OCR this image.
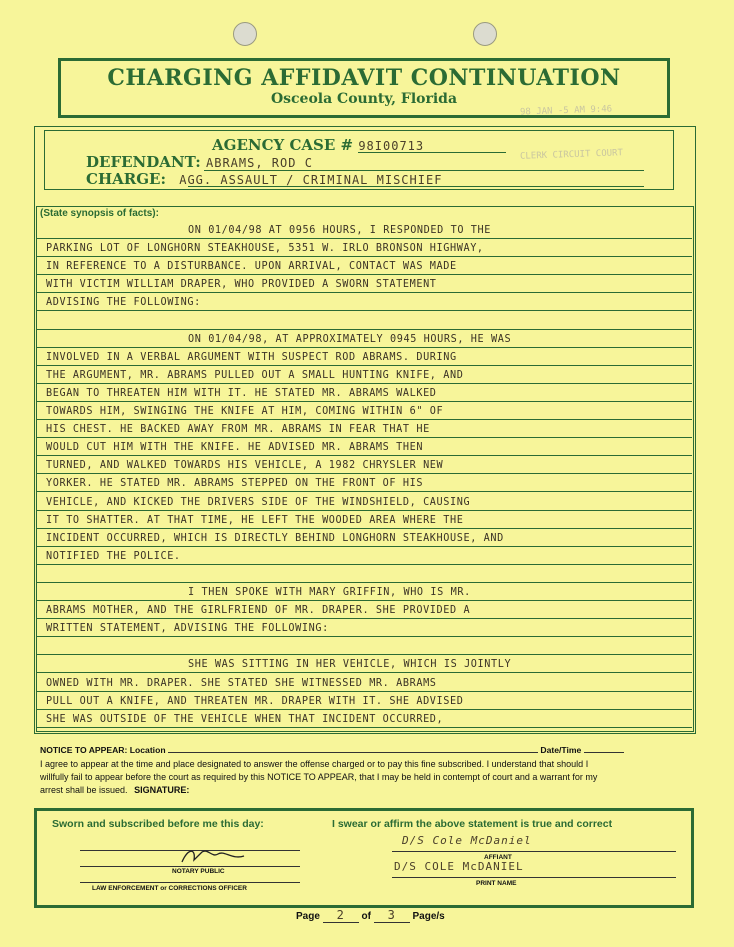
CHARGING AFFIDAVIT CONTINUATION
Osceola County, Florida
98 JAN -5 AM 9:46
CLERK CIRCUIT COURT
AGENCY CASE # 98I00713
DEFENDANT: ABRAMS, ROD C
CHARGE: AGG. ASSAULT / CRIMINAL MISCHIEF
(State synopsis of facts):
ON 01/04/98 AT 0956 HOURS, I RESPONDED TO THE
PARKING LOT OF LONGHORN STEAKHOUSE, 5351 W. IRLO BRONSON HIGHWAY,
IN REFERENCE TO A DISTURBANCE. UPON ARRIVAL, CONTACT WAS MADE
WITH VICTIM WILLIAM DRAPER, WHO PROVIDED A SWORN STATEMENT
ADVISING THE FOLLOWING:
ON 01/04/98, AT APPROXIMATELY 0945 HOURS, HE WAS
INVOLVED IN A VERBAL ARGUMENT WITH SUSPECT ROD ABRAMS. DURING
THE ARGUMENT, MR. ABRAMS PULLED OUT A SMALL HUNTING KNIFE, AND
BEGAN TO THREATEN HIM WITH IT. HE STATED MR. ABRAMS WALKED
TOWARDS HIM, SWINGING THE KNIFE AT HIM, COMING WITHIN 6" OF
HIS CHEST. HE BACKED AWAY FROM MR. ABRAMS IN FEAR THAT HE
WOULD CUT HIM WITH THE KNIFE. HE ADVISED MR. ABRAMS THEN
TURNED, AND WALKED TOWARDS HIS VEHICLE, A 1982 CHRYSLER NEW
YORKER. HE STATED MR. ABRAMS STEPPED ON THE FRONT OF HIS
VEHICLE, AND KICKED THE DRIVERS SIDE OF THE WINDSHIELD, CAUSING
IT TO SHATTER. AT THAT TIME, HE LEFT THE WOODED AREA WHERE THE
INCIDENT OCCURRED, WHICH IS DIRECTLY BEHIND LONGHORN STEAKHOUSE, AND
NOTIFIED THE POLICE.
I THEN SPOKE WITH MARY GRIFFIN, WHO IS MR.
ABRAMS MOTHER, AND THE GIRLFRIEND OF MR. DRAPER. SHE PROVIDED A
WRITTEN STATEMENT, ADVISING THE FOLLOWING:
SHE WAS SITTING IN HER VEHICLE, WHICH IS JOINTLY
OWNED WITH MR. DRAPER. SHE STATED SHE WITNESSED MR. ABRAMS
PULL OUT A KNIFE, AND THREATEN MR. DRAPER WITH IT. SHE ADVISED
SHE WAS OUTSIDE OF THE VEHICLE WHEN THAT INCIDENT OCCURRED,
NOTICE TO APPEAR: Location	Date/Time
I agree to appear at the time and place designated to answer the offense charged or to pay this fine subscribed. I understand that should I
willfully fail to appear before the court as required by this NOTICE TO APPEAR, that I may be held in contempt of court and a warrant for my
arrest shall be issued. SIGNATURE:
Sworn and subscribed before me this day:	I swear or affirm the above statement is true and correct
NOTARY PUBLIC
LAW ENFORCEMENT or CORRECTIONS OFFICER
D/S Cole McDaniel
AFFIANT
D/S COLE McDANIEL
PRINT NAME
Page 2 of 3 Page/s
